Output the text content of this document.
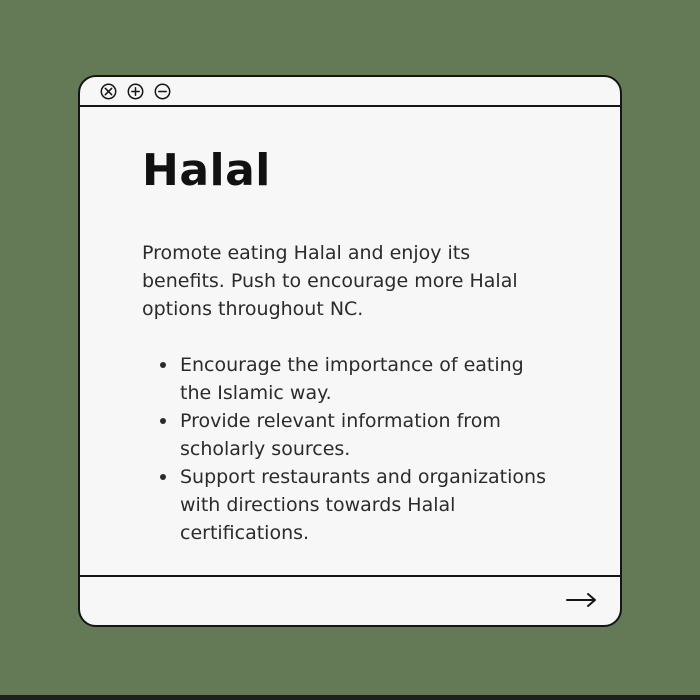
Halal

Promote eating Halal and enjoy its benefits. Push to encourage more Halal options throughout NC.

Encourage the importance of eating the Islamic way.
Provide relevant information from scholarly sources.
Support restaurants and organizations with directions towards Halal certifications.
